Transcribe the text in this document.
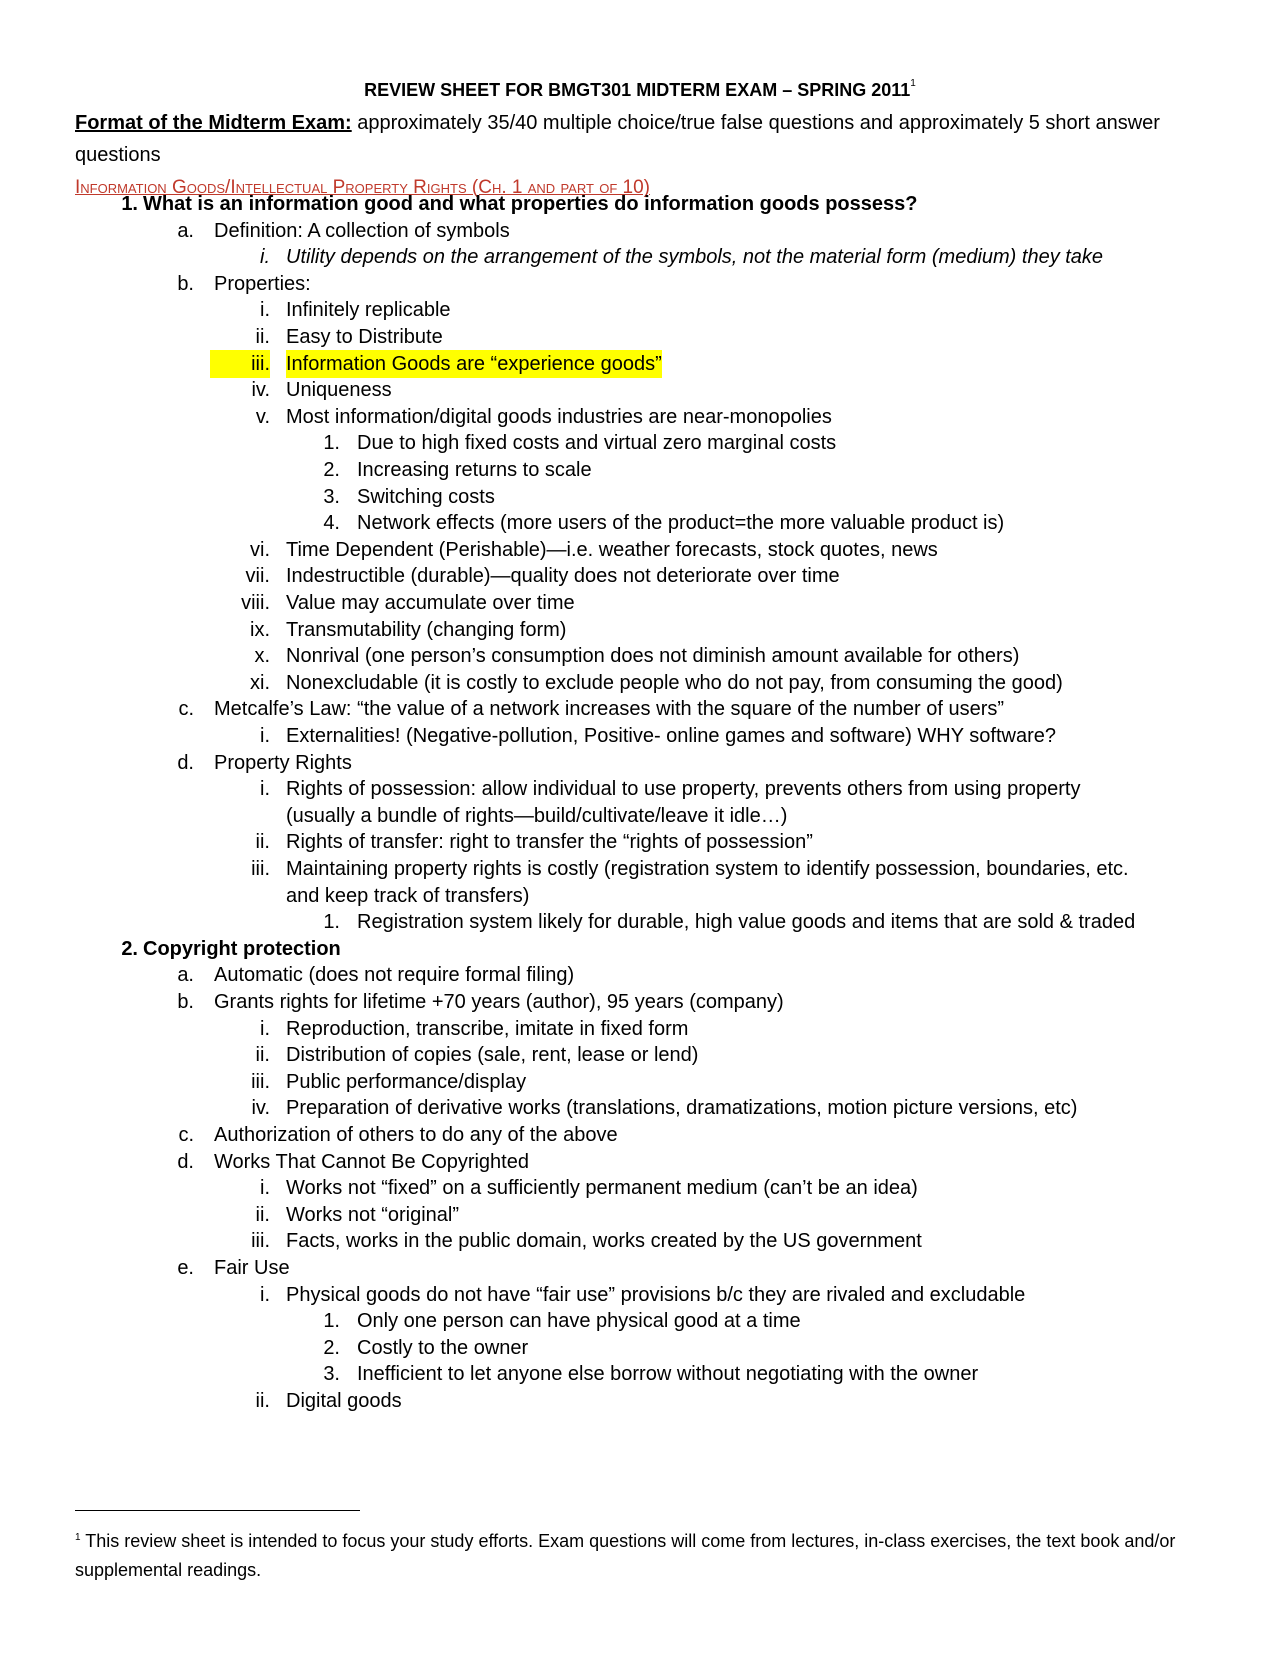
REVIEW SHEET FOR BMGT301 MIDTERM EXAM – SPRING 2011$^1$
Format of the Midterm Exam: approximately 35/40 multiple choice/true false questions and approximately 5 short answer questions
Information Goods/Intellectual Property Rights (Ch. 1 and part of 10)
1. What is an information good and what properties do information goods possess?
a. Definition: A collection of symbols
i. Utility depends on the arrangement of the symbols, not the material form (medium) they take
b. Properties:
i. Infinitely replicable
ii. Easy to Distribute
iii. Information Goods are “experience goods”
iv. Uniqueness
v. Most information/digital goods industries are near-monopolies
1. Due to high fixed costs and virtual zero marginal costs
2. Increasing returns to scale
3. Switching costs
4. Network effects (more users of the product=the more valuable product is)
vi. Time Dependent (Perishable)—i.e. weather forecasts, stock quotes, news
vii. Indestructible (durable)—quality does not deteriorate over time
viii. Value may accumulate over time
ix. Transmutability (changing form)
x. Nonrival (one person’s consumption does not diminish amount available for others)
xi. Nonexcludable (it is costly to exclude people who do not pay, from consuming the good)
c. Metcalfe’s Law: “the value of a network increases with the square of the number of users”
i. Externalities! (Negative-pollution, Positive- online games and software) WHY software?
d. Property Rights
i. Rights of possession: allow individual to use property, prevents others from using property
(usually a bundle of rights—build/cultivate/leave it idle…)
ii. Rights of transfer: right to transfer the “rights of possession”
iii. Maintaining property rights is costly (registration system to identify possession, boundaries, etc.
and keep track of transfers)
1. Registration system likely for durable, high value goods and items that are sold & traded
2. Copyright protection
a. Automatic (does not require formal filing)
b. Grants rights for lifetime +70 years (author), 95 years (company)
i. Reproduction, transcribe, imitate in fixed form
ii. Distribution of copies (sale, rent, lease or lend)
iii. Public performance/display
iv. Preparation of derivative works (translations, dramatizations, motion picture versions, etc)
c. Authorization of others to do any of the above
d. Works That Cannot Be Copyrighted
i. Works not “fixed” on a sufficiently permanent medium (can’t be an idea)
ii. Works not “original”
iii. Facts, works in the public domain, works created by the US government
e. Fair Use
i. Physical goods do not have “fair use” provisions b/c they are rivaled and excludable
1. Only one person can have physical good at a time
2. Costly to the owner
3. Inefficient to let anyone else borrow without negotiating with the owner
ii. Digital goods
$^1$ This review sheet is intended to focus your study efforts. Exam questions will come from lectures, in-class exercises, the text book and/or supplemental readings.
